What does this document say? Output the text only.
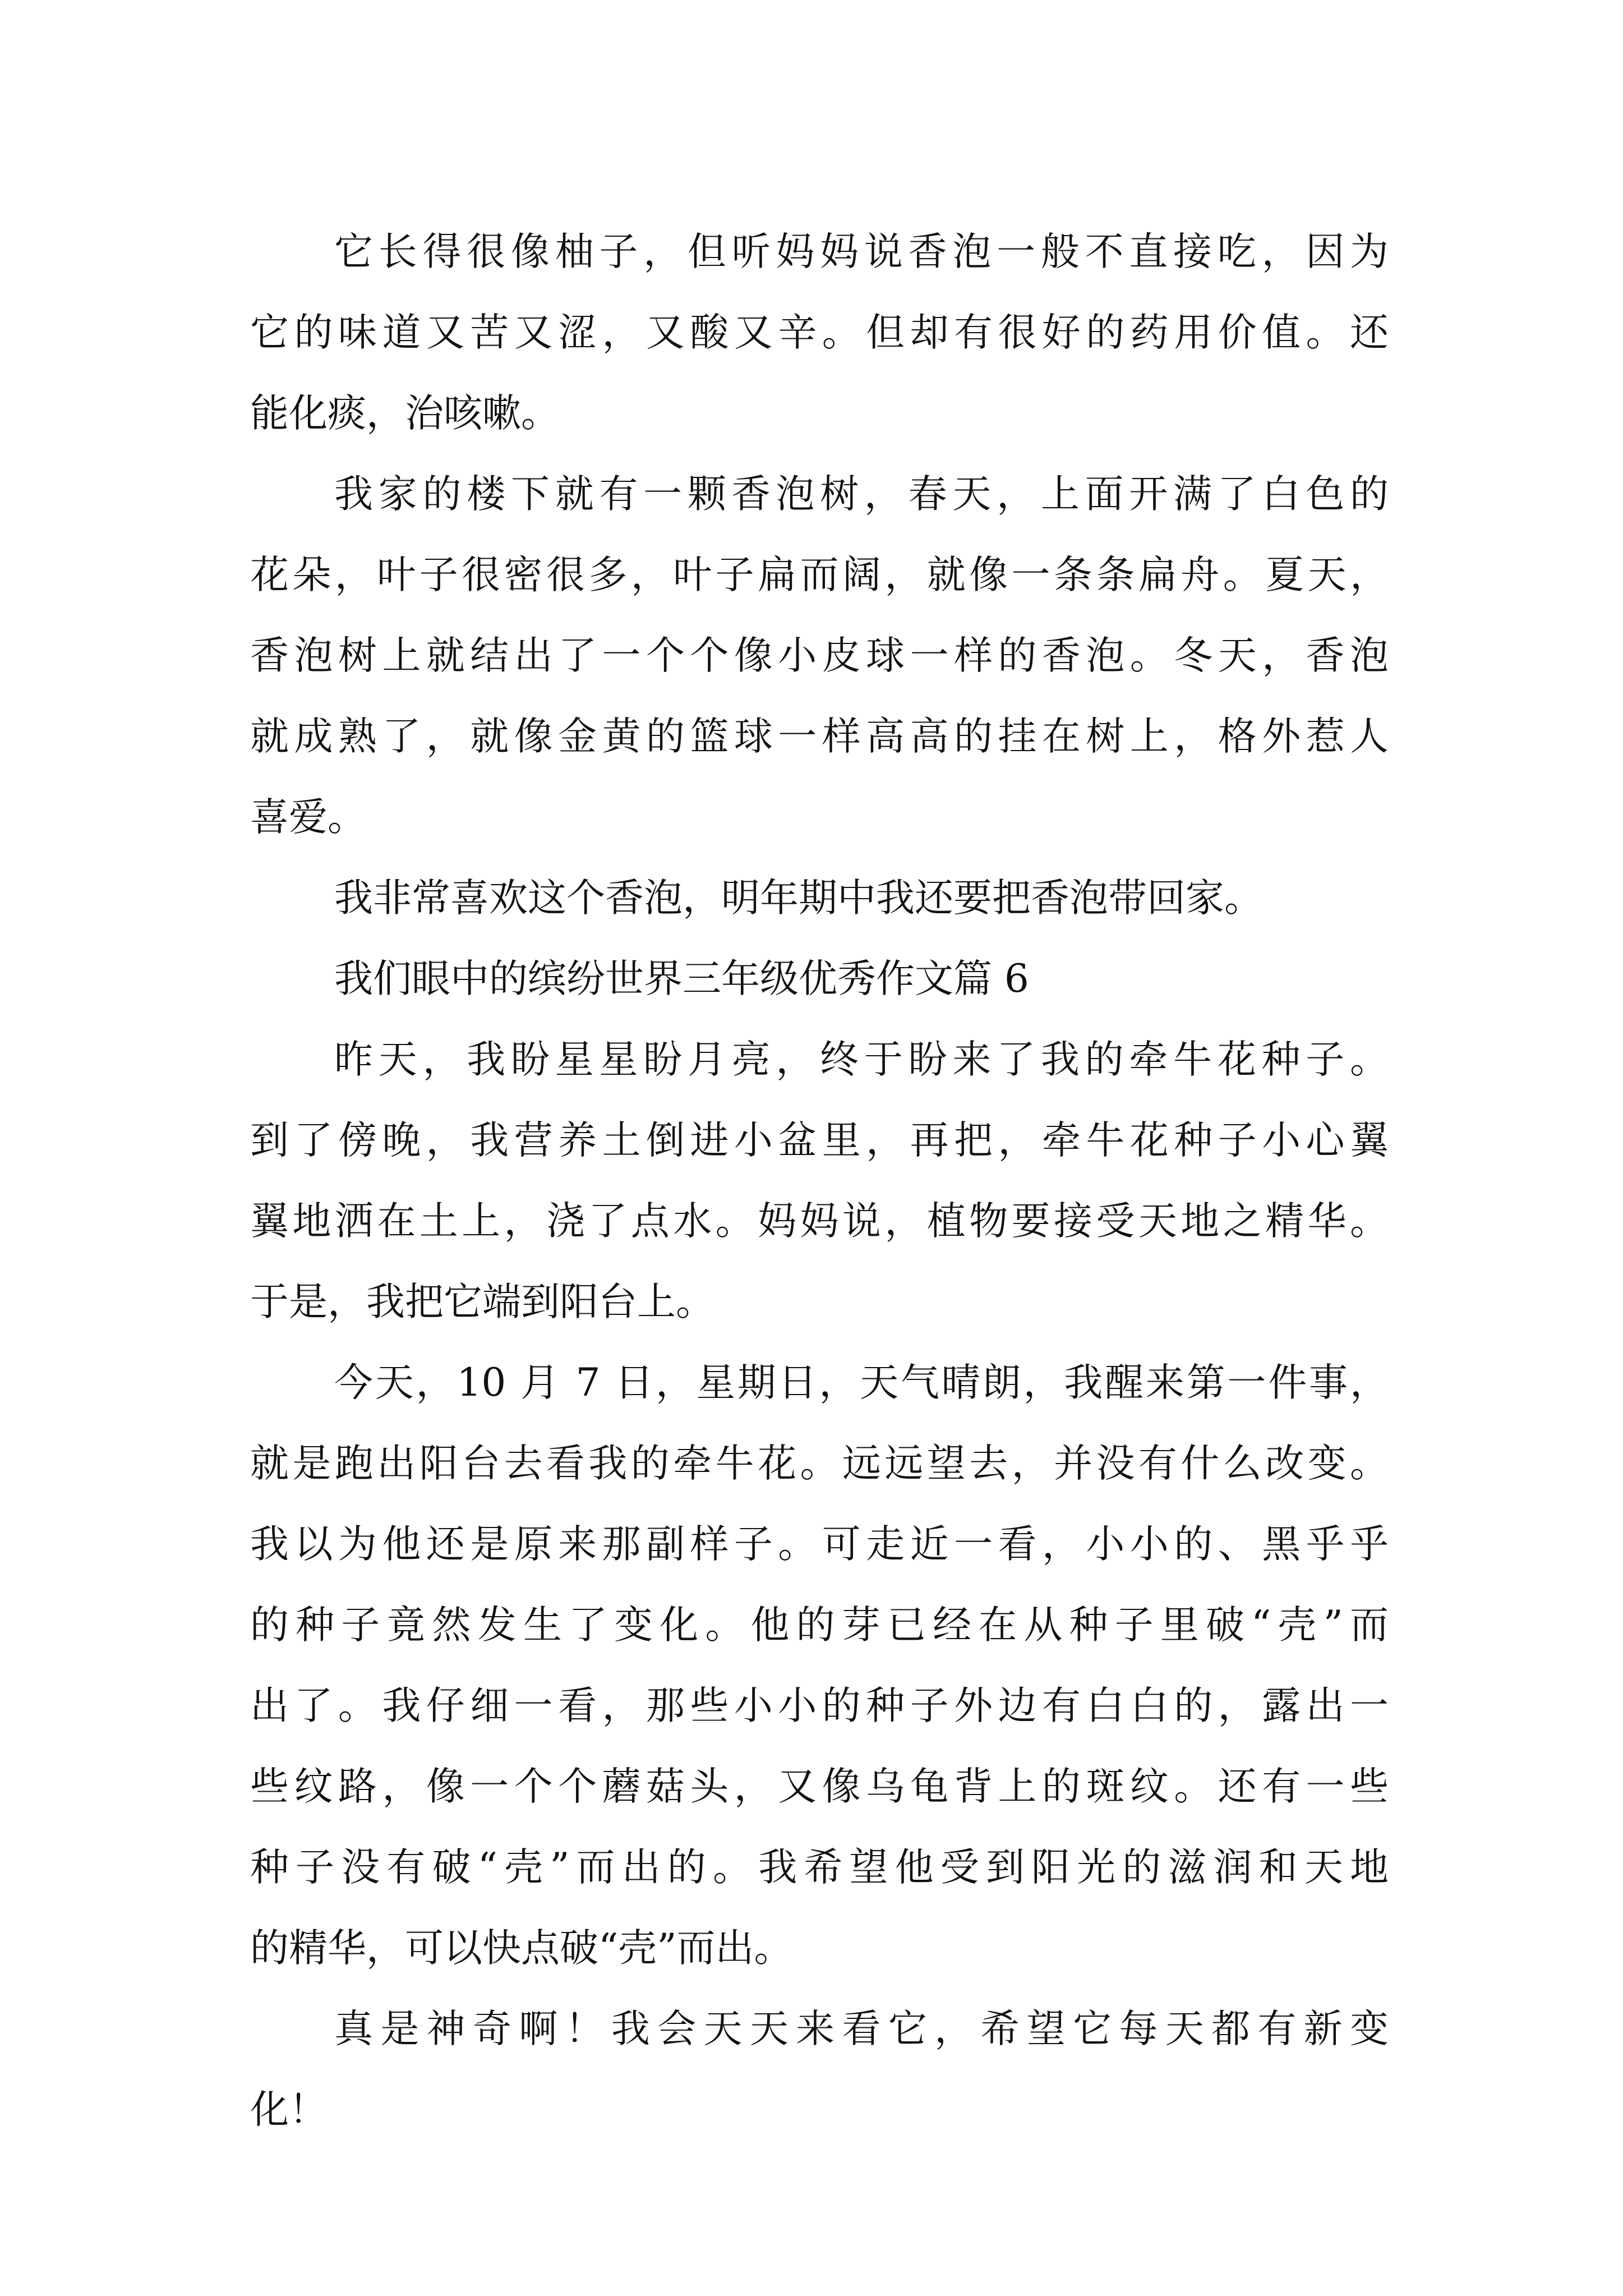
它长得很像柚子，但听妈妈说香泡一般不直接吃，因为
它的味道又苦又涩，又酸又辛。但却有很好的药用价值。还
能化痰，治咳嗽。
我家的楼下就有一颗香泡树，春天，上面开满了白色的
花朵，叶子很密很多，叶子扁而阔，就像一条条扁舟。夏天，
香泡树上就结出了一个个像小皮球一样的香泡。冬天，香泡
就成熟了，就像金黄的篮球一样高高的挂在树上，格外惹人
喜爱。
我非常喜欢这个香泡，明年期中我还要把香泡带回家。
我们眼中的缤纷世界三年级优秀作文篇 6
昨天，我盼星星盼月亮，终于盼来了我的牵牛花种子。
到了傍晚，我营养土倒进小盆里，再把，牵牛花种子小心翼
翼地洒在土上，浇了点水。妈妈说，植物要接受天地之精华。
于是，我把它端到阳台上。
今天，10 月 7 日，星期日，天气晴朗，我醒来第一件事，
就是跑出阳台去看我的牵牛花。远远望去，并没有什么改变。
我以为他还是原来那副样子。可走近一看，小小的、黑乎乎
的种子竟然发生了变化。他的芽已经在从种子里破“壳”而
出了。我仔细一看，那些小小的种子外边有白白的，露出一
些纹路，像一个个蘑菇头，又像乌龟背上的斑纹。还有一些
种子没有破“壳”而出的。我希望他受到阳光的滋润和天地
的精华，可以快点破“壳”而出。
真是神奇啊！我会天天来看它，希望它每天都有新变
化！
